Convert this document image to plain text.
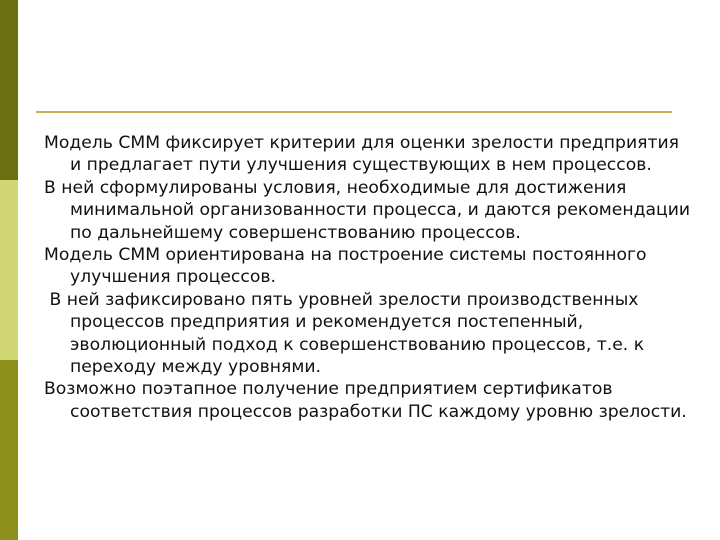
Модель СММ фиксирует критерии для оценки зрелости предприятия и предлагает пути улучшения существующих в нем процессов.

В ней сформулированы условия, необходимые для достижения минимальной организованности процесса, и даются рекомендации по дальнейшему совершенствованию процессов.

Модель СММ ориентирована на построение системы постоянного улучшения процессов.

В ней зафиксировано пять уровней зрелости производственных процессов предприятия и рекомендуется постепенный, эволюционный подход к совершенствованию процессов, т.е. к переходу между уровнями.

Возможно поэтапное получение предприятием сертификатов соответствия процессов разработки ПС каждому уровню зрелости.
